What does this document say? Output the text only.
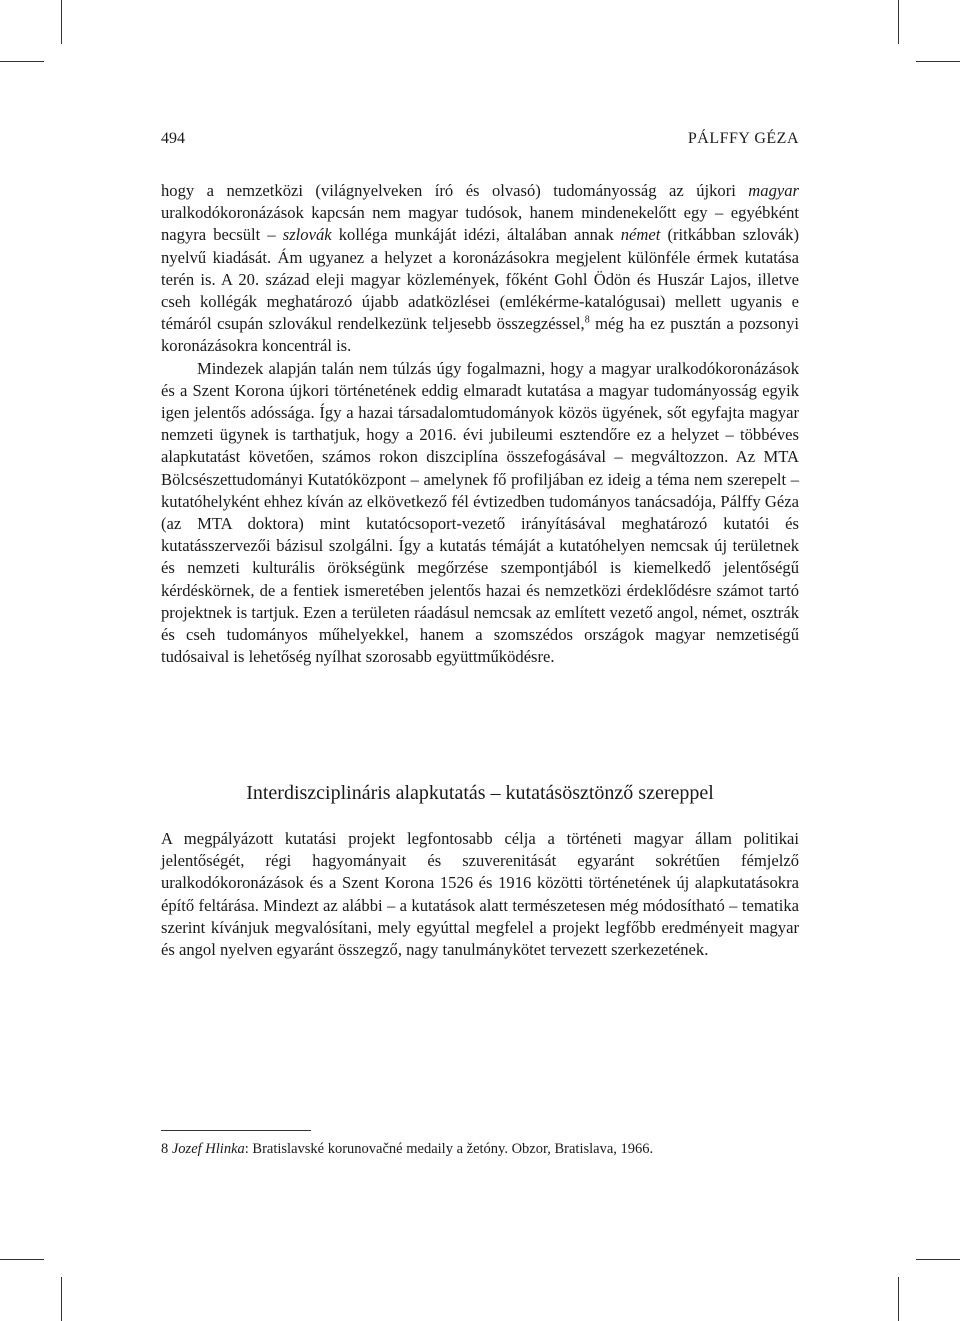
494	PÁLFFY GÉZA

hogy a nemzetközi (világnyelveken író és olvasó) tudományosság az újkori magyar uralkodókoronázások kapcsán nem magyar tudósok, hanem mindenekelőtt egy – egyébként nagyra becsült – szlovák kolléga munkáját idézi, általában annak német (ritkábban szlovák) nyelvű kiadását. Ám ugyanez a helyzet a koronázásokra megjelent különféle érmek kutatása terén is. A 20. század eleji magyar közlemények, főként Gohl Ödön és Huszár Lajos, illetve cseh kollégák meghatározó újabb adatközlései (emlékérme-katalógusai) mellett ugyanis e témáról csupán szlovákul rendelkezünk teljesebb összegzéssel,$^8$ még ha ez pusztán a pozsonyi koronázásokra koncentrál is.

Mindezek alapján talán nem túlzás úgy fogalmazni, hogy a magyar uralkodókoronázások és a Szent Korona újkori történetének eddig elmaradt kutatása a magyar tudományosság egyik igen jelentős adóssága. Így a hazai társadalomtudományok közös ügyének, sőt egyfajta magyar nemzeti ügynek is tarthatjuk, hogy a 2016. évi jubileumi esztendőre ez a helyzet – többéves alapkutatást követően, számos rokon diszciplína összefogásával – megváltozzon. Az MTA Bölcsészettudományi Kutatóközpont – amelynek fő profiljában ez ideig a téma nem szerepelt – kutatóhelyként ehhez kíván az elkövetkező fél évtizedben tudományos tanácsadója, Pálffy Géza (az MTA doktora) mint kutatócsoport-vezető irányításával meghatározó kutatói és kutatásszervezői bázisul szolgálni. Így a kutatás témáját a kutatóhelyen nemcsak új területnek és nemzeti kulturális örökségünk megőrzése szempontjából is kiemelkedő jelentőségű kérdéskörnek, de a fentiek ismeretében jelentős hazai és nemzetközi érdeklődésre számot tartó projektnek is tartjuk. Ezen a területen ráadásul nemcsak az említett vezető angol, német, osztrák és cseh tudományos műhelyekkel, hanem a szomszédos országok magyar nemzetiségű tudósaival is lehetőség nyílhat szorosabb együttműködésre.

Interdiszciplináris alapkutatás – kutatásösztönző szereppel

A megpályázott kutatási projekt legfontosabb célja a történeti magyar állam politikai jelentőségét, régi hagyományait és szuverenitását egyaránt sokrétűen fémjelző uralkodókoronázások és a Szent Korona 1526 és 1916 közötti történetének új alapkutatásokra építő feltárása. Mindezt az alábbi – a kutatások alatt természetesen még módosítható – tematika szerint kívánjuk megvalósítani, mely egyúttal megfelel a projekt legfőbb eredményeit magyar és angol nyelven egyaránt összegző, nagy tanulmánykötet tervezett szerkezetének.

8 Jozef Hlinka: Bratislavské korunovačné medaily a žetóny. Obzor, Bratislava, 1966.
